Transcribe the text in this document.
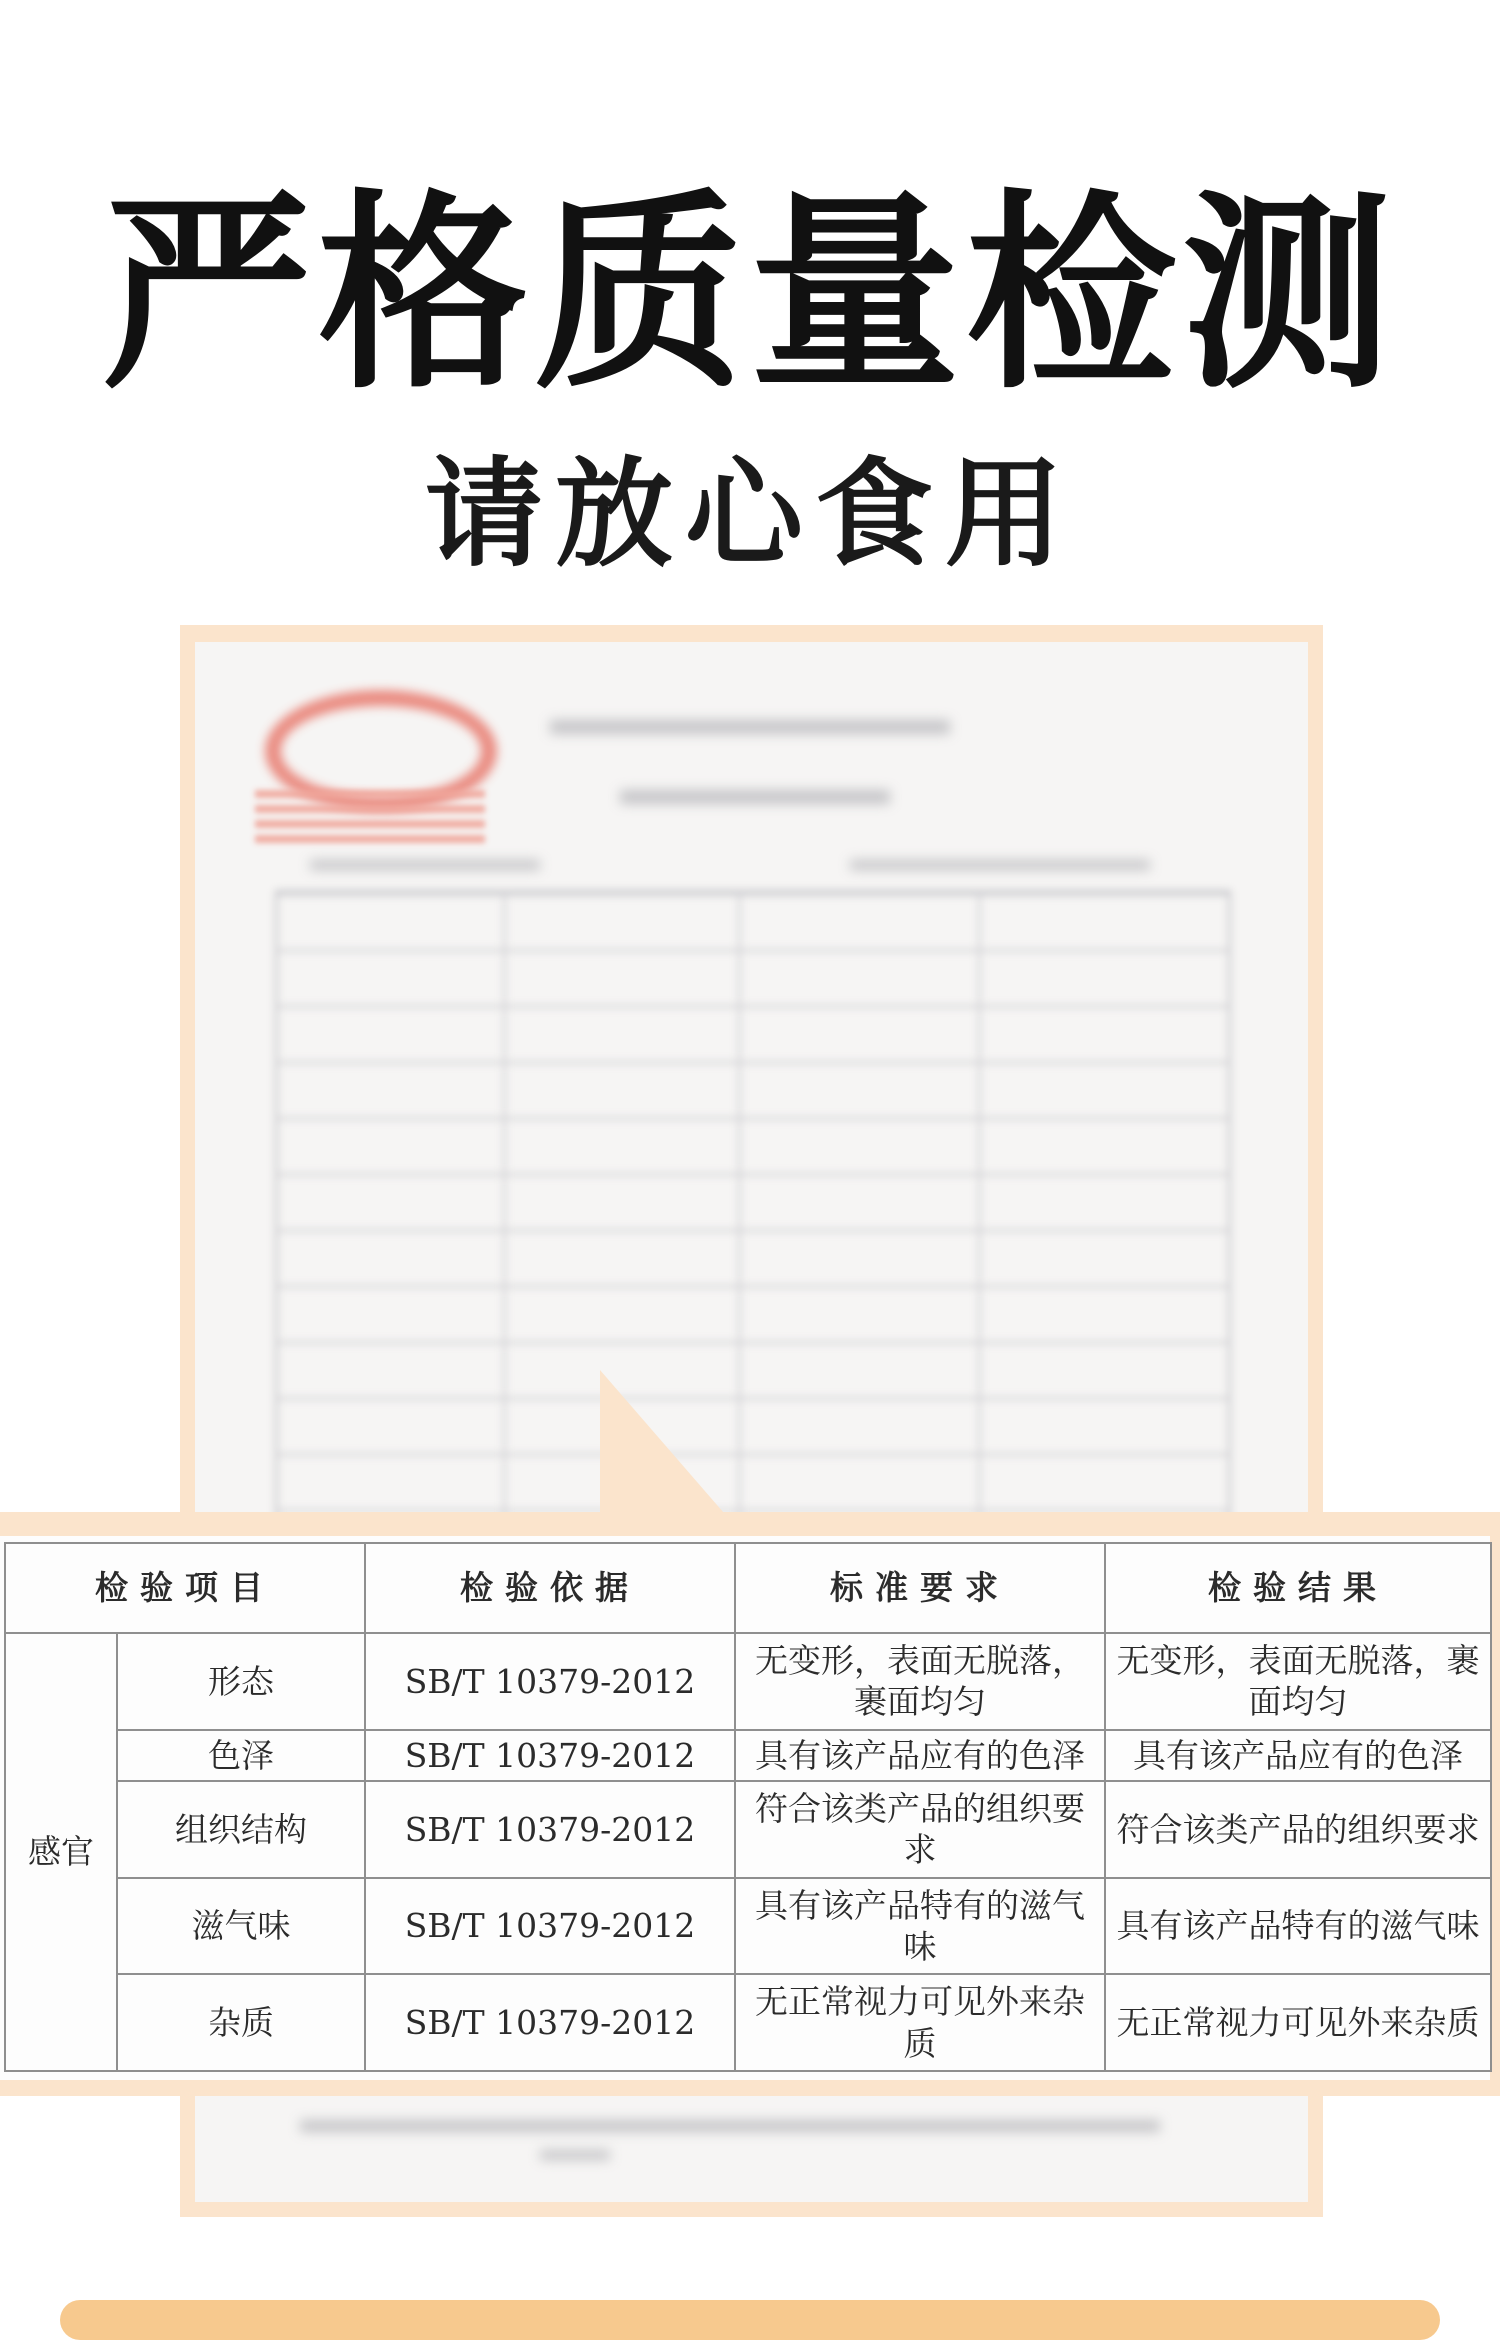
严格质量检测
请放心食用
检验项目		检验依据	标准要求	检验结果
感官	形态	SB/T 10379-2012	无变形，表面无脱落，裹面均匀	无变形，表面无脱落，裹面均匀
	色泽	SB/T 10379-2012	具有该产品应有的色泽	具有该产品应有的色泽
	组织结构	SB/T 10379-2012	符合该类产品的组织要求	符合该类产品的组织要求
	滋气味	SB/T 10379-2012	具有该产品特有的滋气味	具有该产品特有的滋气味
	杂质	SB/T 10379-2012	无正常视力可见外来杂质	无正常视力可见外来杂质
